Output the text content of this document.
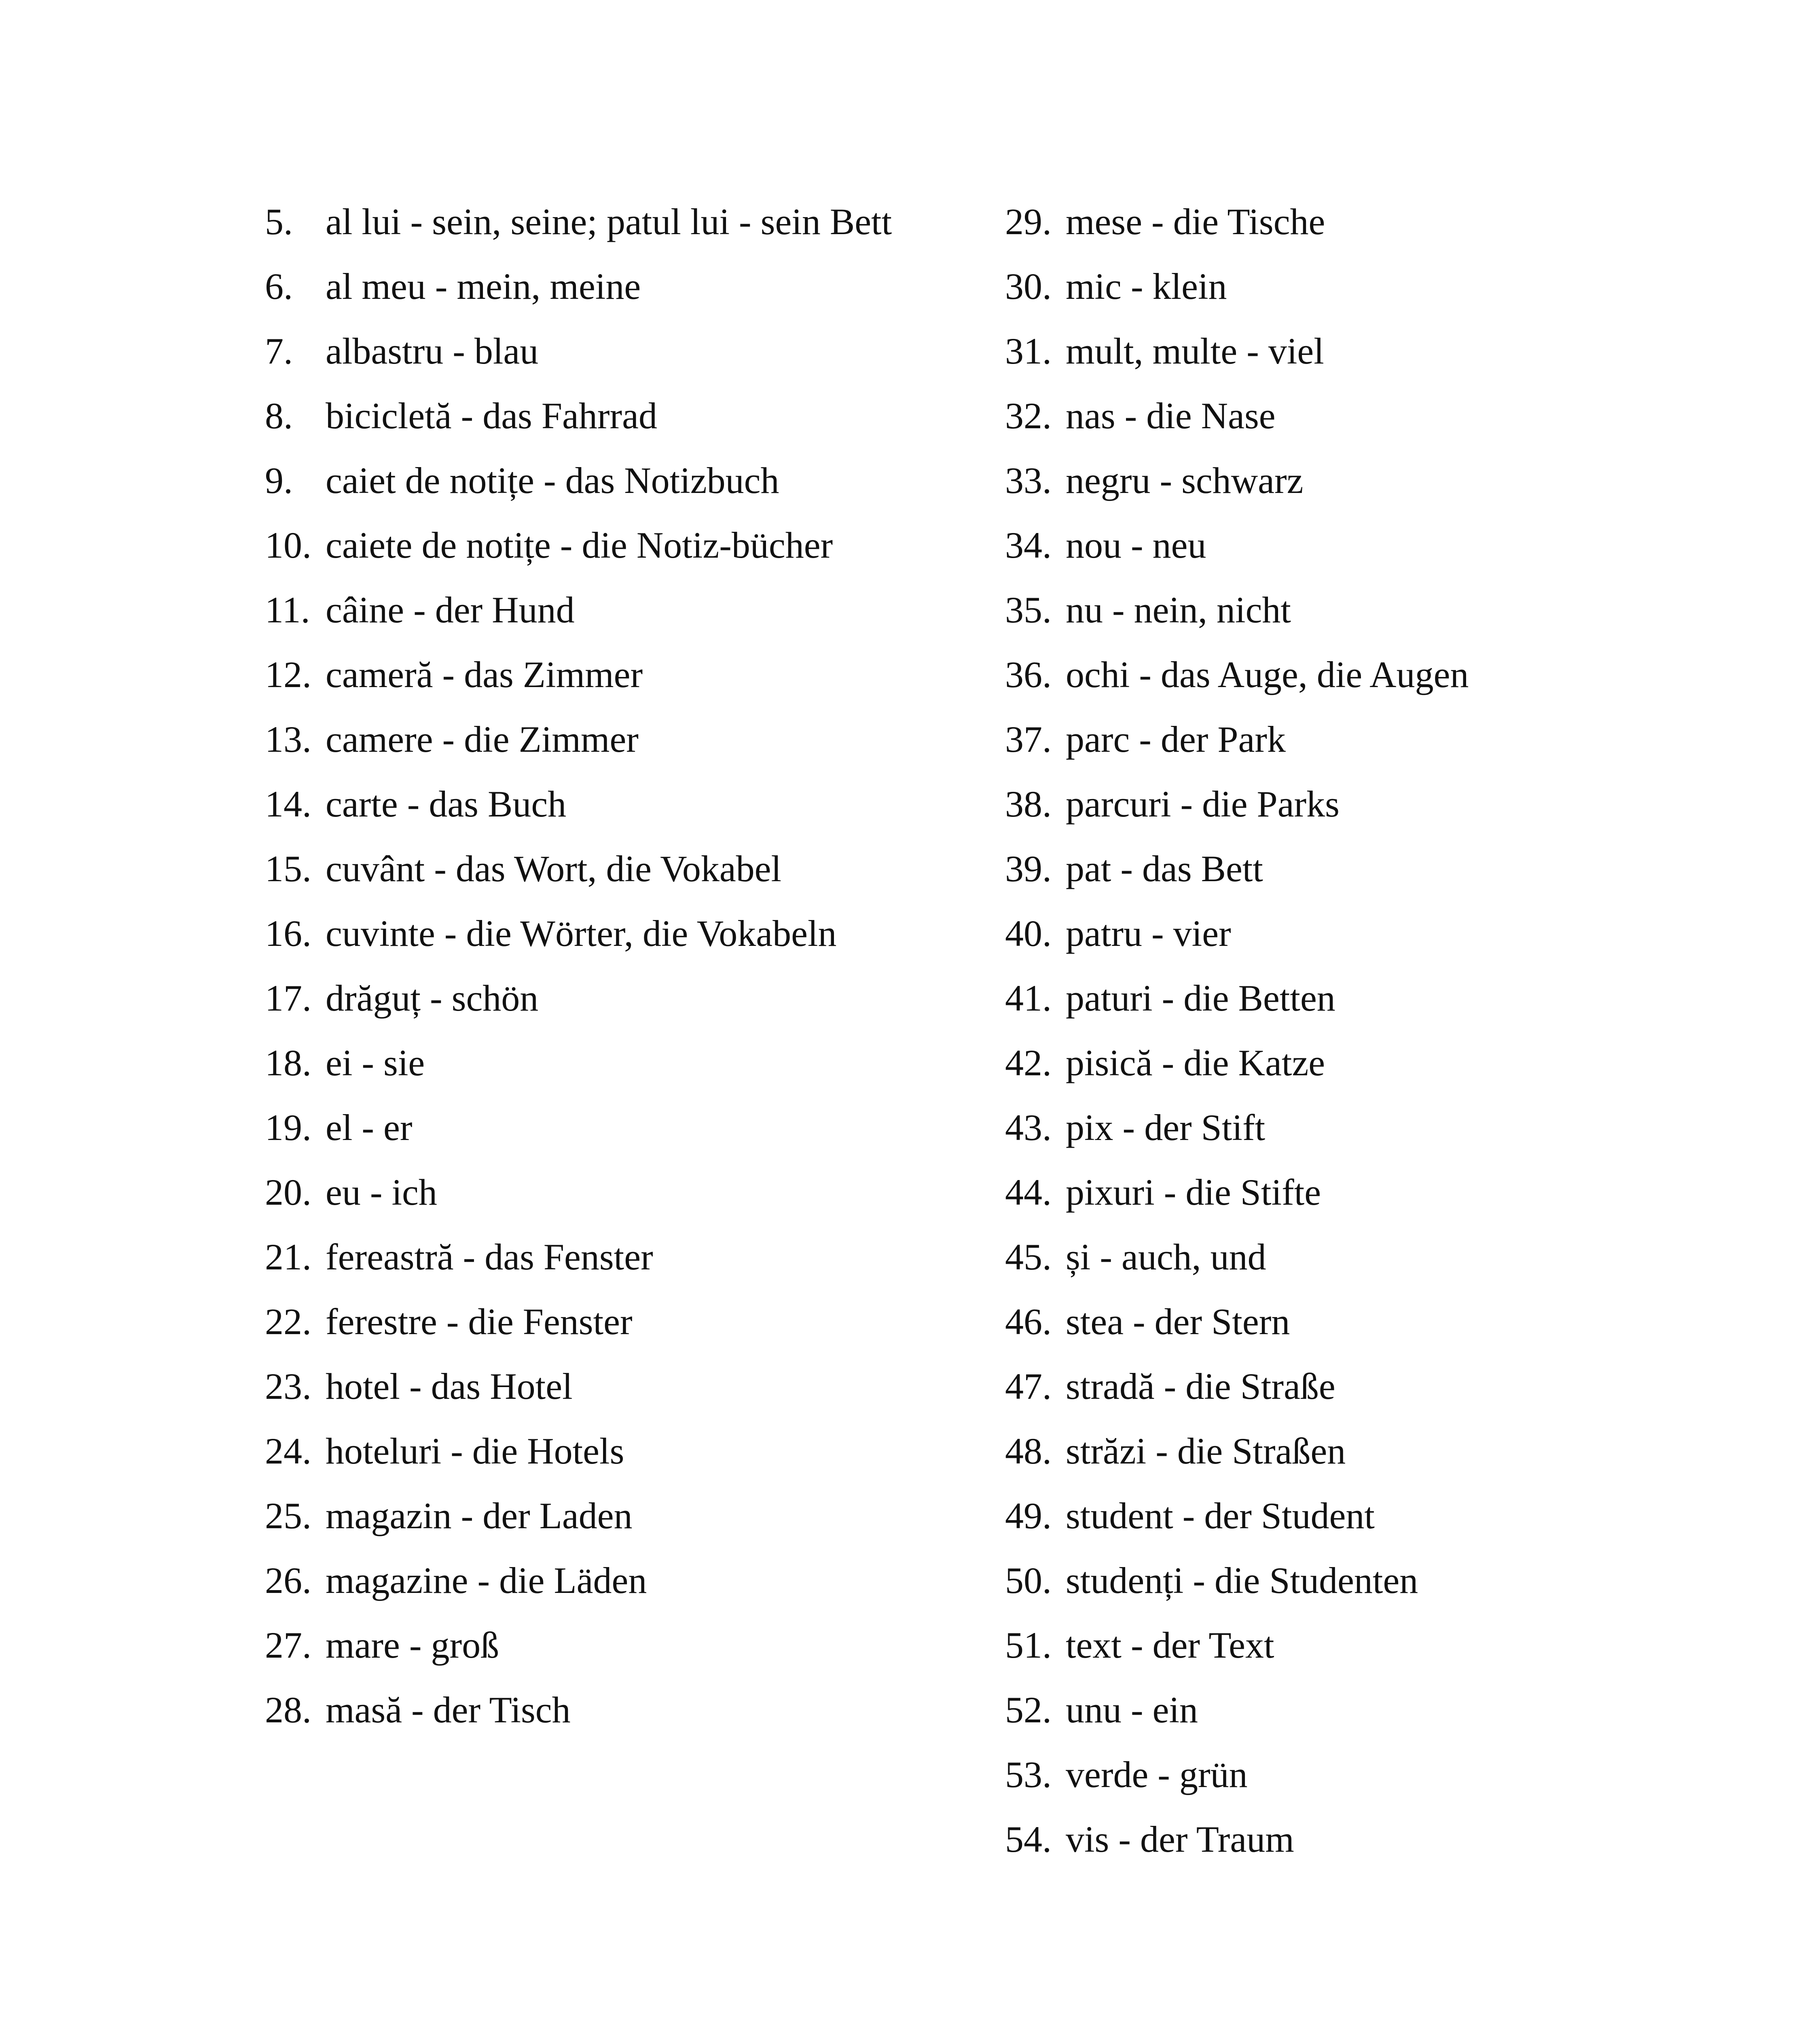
5. al lui - sein, seine; patul lui - sein Bett
6. al meu - mein, meine
7. albastru - blau
8. bicicletă - das Fahrrad
9. caiet de notițe - das Notizbuch
10. caiete de notițe - die Notiz-bücher
11. câine - der Hund
12. cameră - das Zimmer
13. camere - die Zimmer
14. carte - das Buch
15. cuvânt - das Wort, die Vokabel
16. cuvinte - die Wörter, die Vokabeln
17. drăguț - schön
18. ei - sie
19. el - er
20. eu - ich
21. fereastră - das Fenster
22. ferestre - die Fenster
23. hotel - das Hotel
24. hoteluri - die Hotels
25. magazin - der Laden
26. magazine - die Läden
27. mare - groß
28. masă - der Tisch
29. mese - die Tische
30. mic - klein
31. mult, multe - viel
32. nas - die Nase
33. negru - schwarz
34. nou - neu
35. nu - nein, nicht
36. ochi - das Auge, die Augen
37. parc - der Park
38. parcuri - die Parks
39. pat - das Bett
40. patru - vier
41. paturi - die Betten
42. pisică - die Katze
43. pix - der Stift
44. pixuri - die Stifte
45. și - auch, und
46. stea - der Stern
47. stradă - die Straße
48. străzi - die Straßen
49. student - der Student
50. studenți - die Studenten
51. text - der Text
52. unu - ein
53. verde - grün
54. vis - der Traum
